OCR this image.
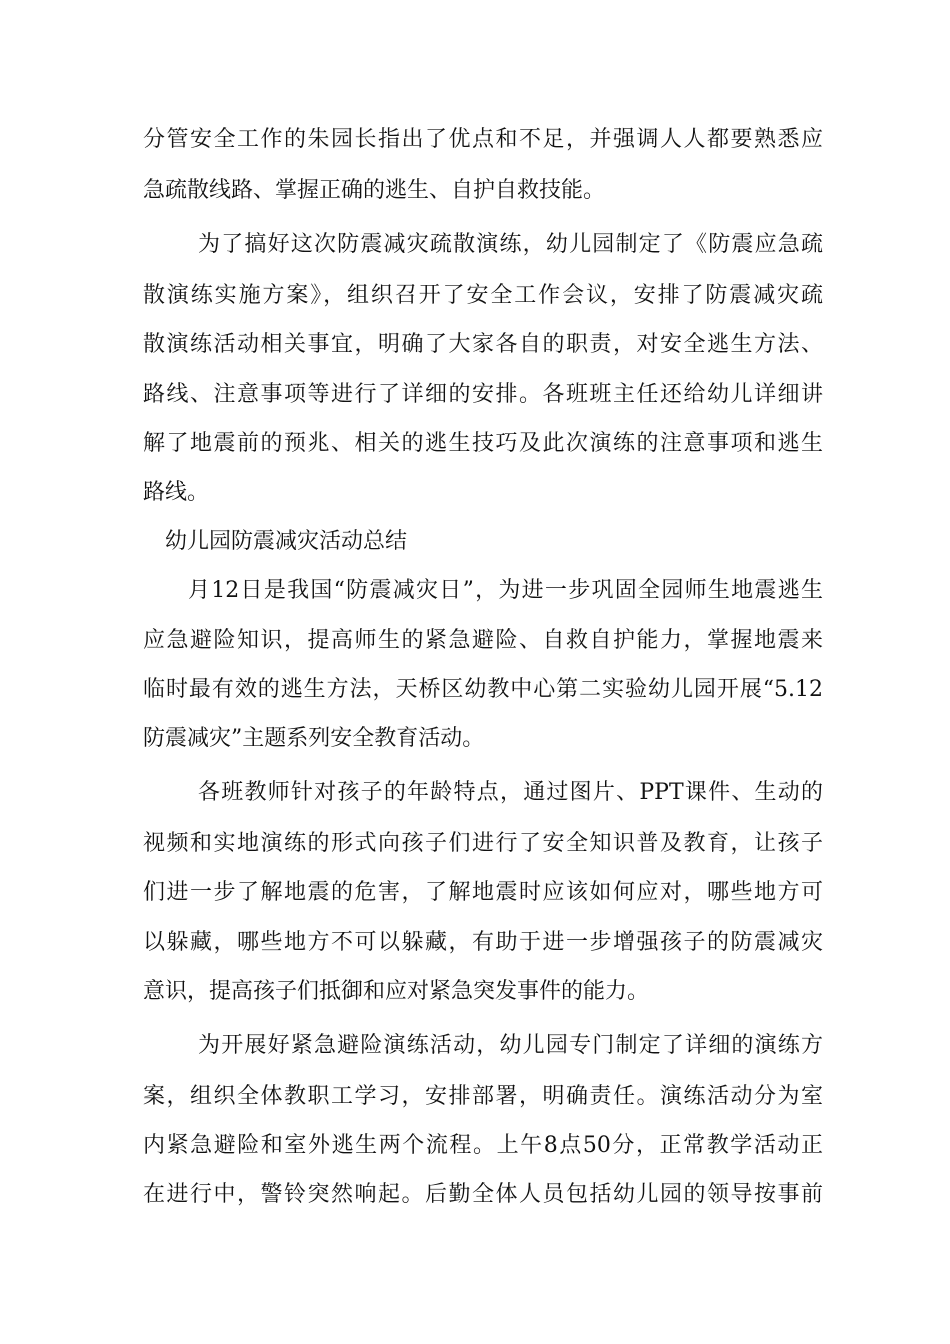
分管安全工作的朱园长指出了优点和不足，并强调人人都要熟悉应
急疏散线路、掌握正确的逃生、自护自救技能。
为了搞好这次防震减灾疏散演练，幼儿园制定了《防震应急疏
散演练实施方案》，组织召开了安全工作会议，安排了防震减灾疏
散演练活动相关事宜，明确了大家各自的职责，对安全逃生方法、
路线、注意事项等进行了详细的安排。各班班主任还给幼儿详细讲
解了地震前的预兆、相关的逃生技巧及此次演练的注意事项和逃生
路线。
幼儿园防震减灾活动总结
月12日是我国“防震减灾日”，为进一步巩固全园师生地震逃生
应急避险知识，提高师生的紧急避险、自救自护能力，掌握地震来
临时最有效的逃生方法，天桥区幼教中心第二实验幼儿园开展“5.12
防震减灾”主题系列安全教育活动。
各班教师针对孩子的年龄特点，通过图片、PPT课件、生动的
视频和实地演练的形式向孩子们进行了安全知识普及教育，让孩子
们进一步了解地震的危害，了解地震时应该如何应对，哪些地方可
以躲藏，哪些地方不可以躲藏，有助于进一步增强孩子的防震减灾
意识，提高孩子们抵御和应对紧急突发事件的能力。
为开展好紧急避险演练活动，幼儿园专门制定了详细的演练方
案，组织全体教职工学习，安排部署，明确责任。演练活动分为室
内紧急避险和室外逃生两个流程。上午8点50分，正常教学活动正
在进行中，警铃突然响起。后勤全体人员包括幼儿园的领导按事前
